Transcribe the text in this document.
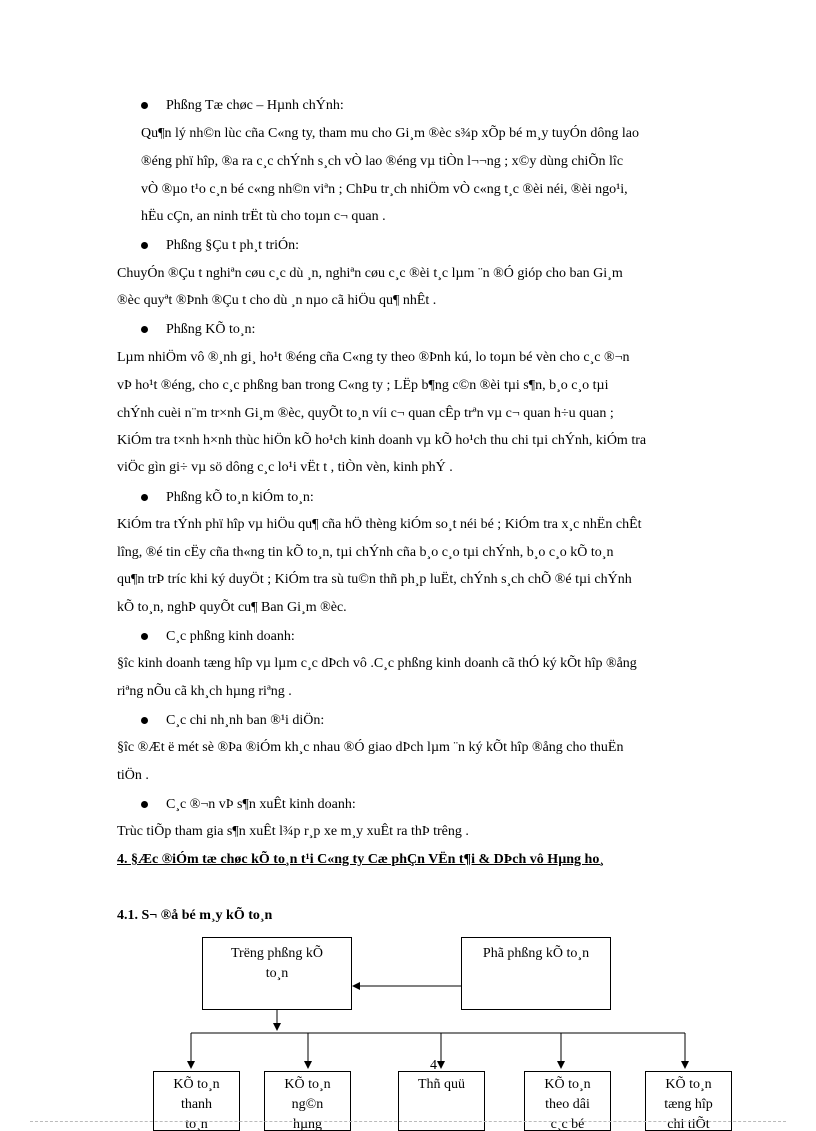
Phßng Tæ chøc – Hµnh chÝnh:
Qu¶n lý nh©n lùc cña C«ng ty, tham mu cho Gi¸m ®èc s¾p xÕp bé m¸y tuyÓn dông lao
®éng phï hîp, ®a ra c¸c chÝnh s¸ch vÒ lao ®éng vµ tiÒn l¬¬ng ; x©y dùng chiÕn lîc
vÒ ®µo t¹o c¸n bé c«ng nh©n viªn ; ChÞu tr¸ch nhiÖm vÒ c«ng t¸c ®èi néi, ®èi ngo¹i,
hËu cÇn, an ninh trËt tù cho toµn c¬ quan .
Phßng §Çu t ph¸t triÓn:
ChuyÓn ®Çu t nghiªn cøu c¸c dù ¸n, nghiªn cøu c¸c ®èi t¸c lµm ¨n ®Ó gióp cho ban Gi¸m
®èc quyªt ®Þnh ®Çu t cho dù ¸n nµo cã hiÖu qu¶ nhÊt .
Phßng KÕ to¸n:
Lµm nhiÖm vô ®¸nh gi¸ ho¹t ®éng cña C«ng ty theo ®Þnh kú, lo toµn bé vèn cho c¸c ®¬n
vÞ ho¹t ®éng, cho c¸c phßng ban trong C«ng ty ; LËp b¶ng c©n ®èi tµi s¶n, b¸o c¸o tµi
chÝnh cuèi n¨m tr×nh Gi¸m ®èc, quyÕt to¸n víi c¬ quan cÊp trªn vµ c¬ quan h÷u quan ;
KiÓm tra t×nh h×nh thùc hiÖn kÕ ho¹ch kinh doanh vµ kÕ ho¹ch thu chi tµi chÝnh, kiÓm tra
viÖc gìn gi÷ vµ sö dông c¸c lo¹i vËt t , tiÒn vèn, kinh phÝ .
Phßng kÕ to¸n kiÓm to¸n:
KiÓm tra tÝnh phï hîp vµ hiÖu qu¶ cña hÖ thèng kiÓm so¸t néi bé ; KiÓm tra x¸c nhËn chÊt
lîng, ®é tin cËy cña th«ng tin kÕ to¸n, tµi chÝnh cña b¸o c¸o tµi chÝnh, b¸o c¸o kÕ to¸n
qu¶n trÞ tríc khi ký duyÖt ; KiÓm tra sù tu©n thñ ph¸p luËt, chÝnh s¸ch chÕ ®é tµi chÝnh
kÕ to¸n, nghÞ quyÕt cu¶ Ban Gi¸m ®èc.
C¸c phßng kinh doanh:
§îc kinh doanh tæng hîp vµ lµm c¸c dÞch vô .C¸c phßng kinh doanh cã thÓ ký kÕt hîp ®ång
riªng nÕu cã kh¸ch hµng riªng .
C¸c chi nh¸nh ban ®¹i diÖn:
§îc ®Æt ë mét sè ®Þa ®iÓm kh¸c nhau ®Ó giao dÞch lµm ¨n ký kÕt hîp ®ång cho thuËn
tiÖn .
C¸c ®¬n vÞ s¶n xuÊt kinh doanh:
Trùc tiÕp tham gia s¶n xuÊt l¾p r¸p xe m¸y xuÊt ra thÞ trêng .
4. §Æc ®iÓm tæ chøc kÕ to¸n t¹i C«ng ty Cæ phÇn VËn t¶i & DÞch vô Hµng ho¸
4.1. S¬ ®å bé m¸y kÕ to¸n
Trëng phßng kÕ
to¸n
Phã phßng kÕ to¸n
KÕ to¸n
thanh
to¸n
KÕ to¸n
ng©n
hµng
Thñ quü	KÕ to¸n
theo dâi
c¸c bé
KÕ to¸n
tæng hîp
chi tiÕt
4
